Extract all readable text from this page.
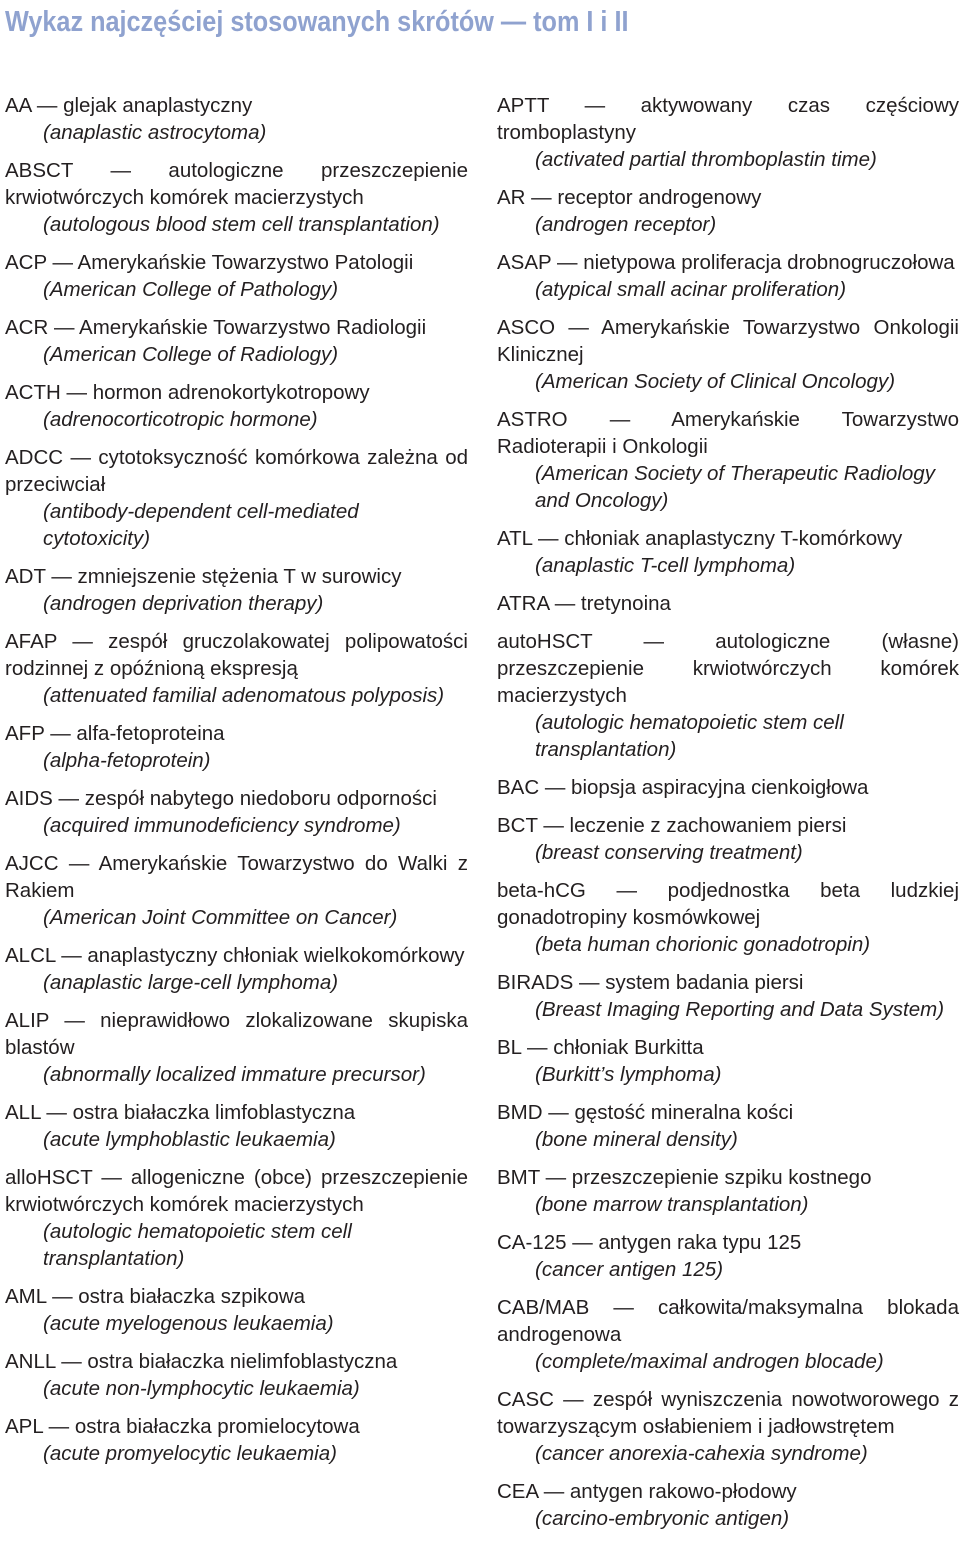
Wykaz najczęściej stosowanych skrótów — tom I i II
AA — glejak anaplastyczny
(anaplastic astrocytoma)
ABSCT — autologiczne przeszczepienie krwiotwórczych komórek macierzystych
(autologous blood stem cell transplantation)
ACP — Amerykańskie Towarzystwo Patologii
(American College of Pathology)
ACR — Amerykańskie Towarzystwo Radiologii
(American College of Radiology)
ACTH — hormon adrenokortykotropowy
(adrenocorticotropic hormone)
ADCC — cytotoksyczność komórkowa zależna od przeciwciał
(antibody-dependent cell-mediated cytotoxicity)
ADT — zmniejszenie stężenia T w surowicy
(androgen deprivation therapy)
AFAP — zespół gruczolakowatej polipowatości rodzinnej z opóźnioną ekspresją
(attenuated familial adenomatous polyposis)
AFP — alfa-fetoproteina
(alpha-fetoprotein)
AIDS — zespół nabytego niedoboru odporności
(acquired immunodeficiency syndrome)
AJCC — Amerykańskie Towarzystwo do Walki z Rakiem
(American Joint Committee on Cancer)
ALCL — anaplastyczny chłoniak wielkokomórkowy
(anaplastic large-cell lymphoma)
ALIP — nieprawidłowo zlokalizowane skupiska blastów
(abnormally localized immature precursor)
ALL — ostra białaczka limfoblastyczna
(acute lymphoblastic leukaemia)
alloHSCT — allogeniczne (obce) przeszczepienie krwiotwórczych komórek macierzystych
(autologic hematopoietic stem cell transplantation)
AML — ostra białaczka szpikowa
(acute myelogenous leukaemia)
ANLL — ostra białaczka nielimfoblastyczna
(acute non-lymphocytic leukaemia)
APL — ostra białaczka promielocytowa
(acute promyelocytic leukaemia)
APTT — aktywowany czas częściowy tromboplastyny
(activated partial thromboplastin time)
AR — receptor androgenowy
(androgen receptor)
ASAP — nietypowa proliferacja drobnogruczołowa
(atypical small acinar proliferation)
ASCO — Amerykańskie Towarzystwo Onkologii Klinicznej
(American Society of Clinical Oncology)
ASTRO — Amerykańskie Towarzystwo Radioterapii i Onkologii
(American Society of Therapeutic Radiology and Oncology)
ATL — chłoniak anaplastyczny T-komórkowy
(anaplastic T-cell lymphoma)
ATRA — tretynoina
autoHSCT — autologiczne (własne) przeszczepienie krwiotwórczych komórek macierzystych
(autologic hematopoietic stem cell transplantation)
BAC — biopsja aspiracyjna cienkoigłowa
BCT — leczenie z zachowaniem piersi
(breast conserving treatment)
beta-hCG — podjednostka beta ludzkiej gonadotropiny kosmówkowej
(beta human chorionic gonadotropin)
BIRADS — system badania piersi
(Breast Imaging Reporting and Data System)
BL — chłoniak Burkitta
(Burkitt’s lymphoma)
BMD — gęstość mineralna kości
(bone mineral density)
BMT — przeszczepienie szpiku kostnego
(bone marrow transplantation)
CA-125 — antygen raka typu 125
(cancer antigen 125)
CAB/MAB — całkowita/maksymalna blokada androgenowa
(complete/maximal androgen blocade)
CASC — zespół wyniszczenia nowotworowego z towarzyszącym osłabieniem i jadłowstrętem
(cancer anorexia-cahexia syndrome)
CEA — antygen rakowo-płodowy
(carcino-embryonic antigen)
